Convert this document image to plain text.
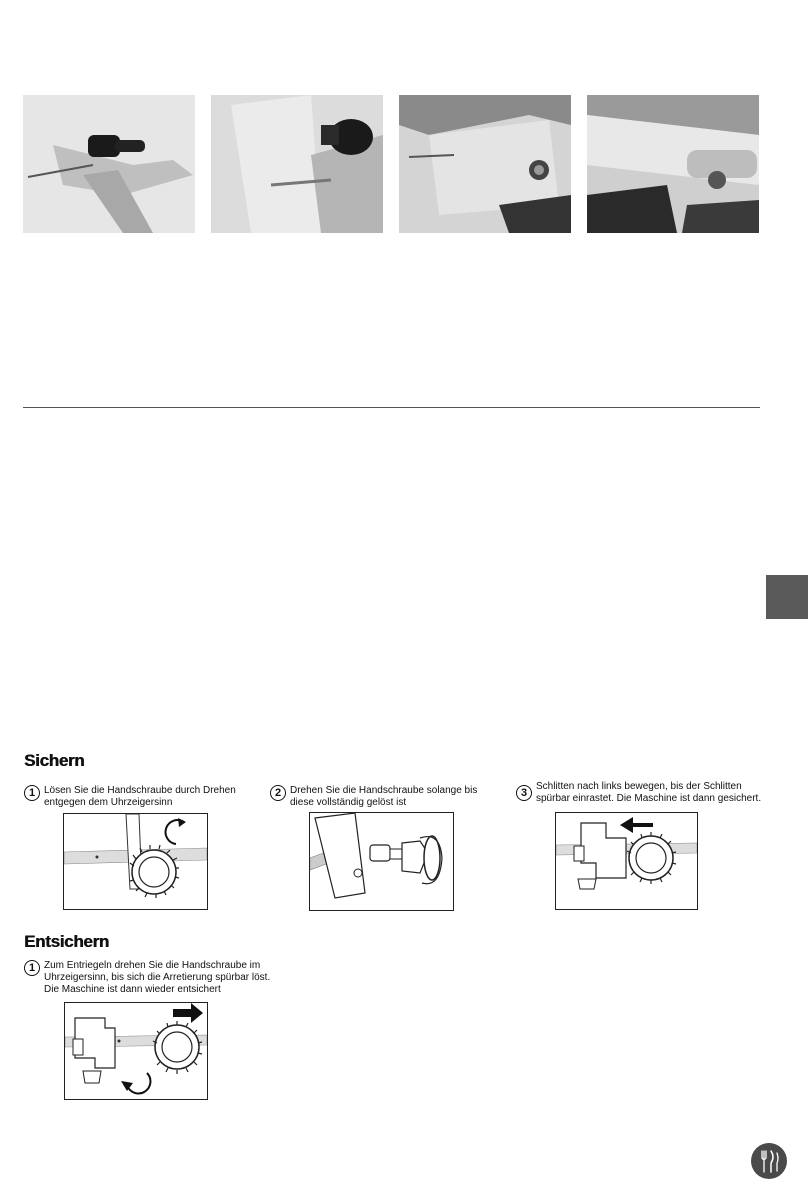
Sichern
1 Lösen Sie die Handschraube durch Drehen
entgegen dem Uhrzeigersinn
2 Drehen Sie die Handschraube solange bis
diese vollständig gelöst ist
3 Schlitten nach links bewegen, bis der Schlitten
spürbar einrastet. Die Maschine ist dann gesichert.
Entsichern
1 Zum Entriegeln drehen Sie die Handschraube im
Uhrzeigersinn, bis sich die Arretierung spürbar löst.
Die Maschine ist dann wieder entsichert
